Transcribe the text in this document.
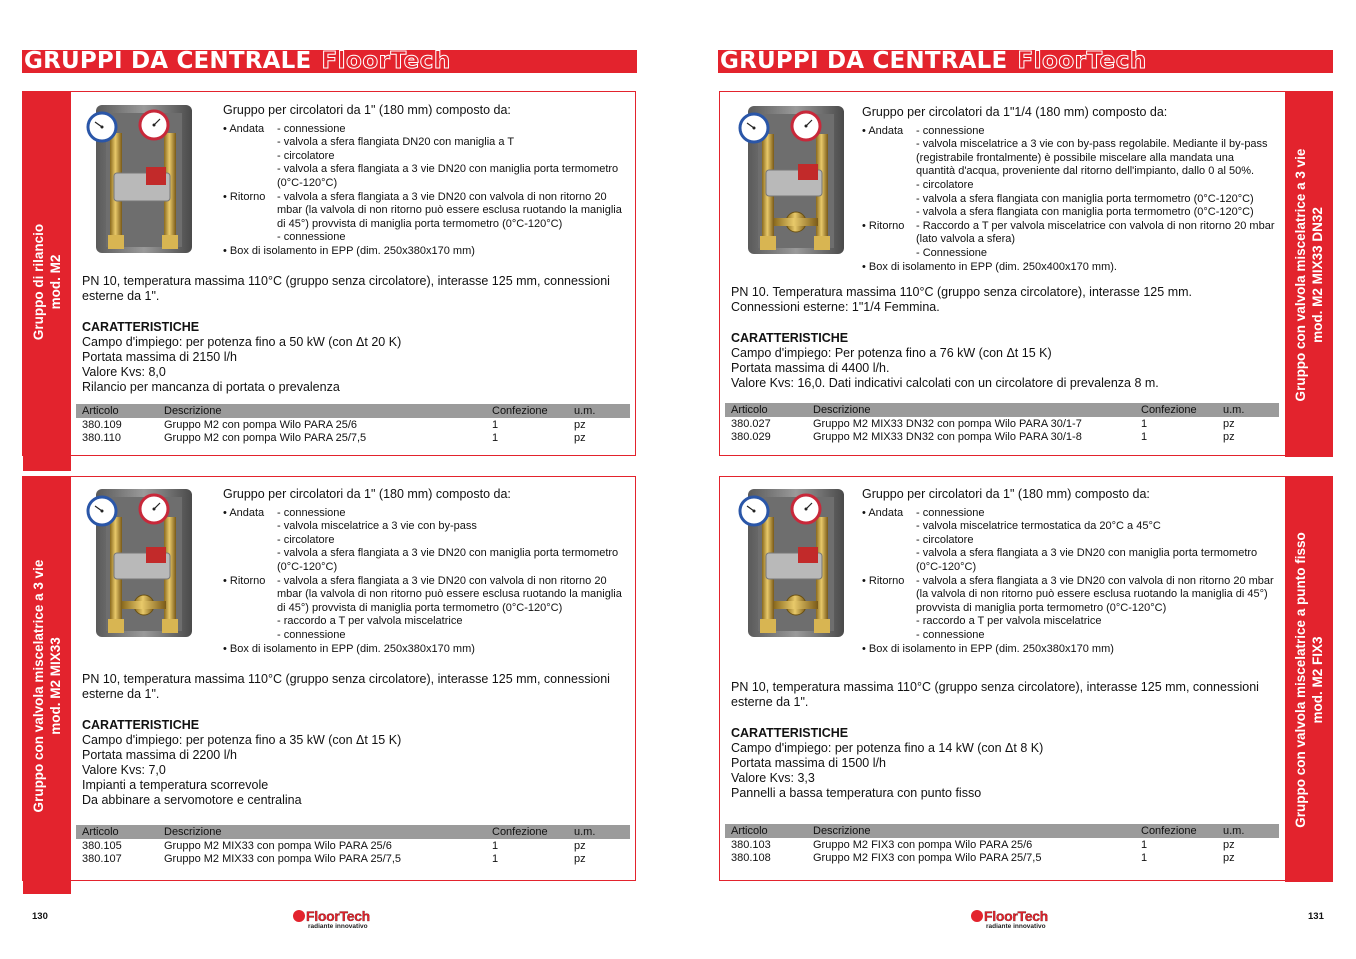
GRUPPI DA CENTRALE FloorTech
Gruppo di rilancio mod. M2
Gruppo per circolatori da 1" (180 mm) composto da:
• Andata	- connessione
- valvola a sfera flangiata DN20 con maniglia a T
- circolatore
- valvola a sfera flangiata a 3 vie DN20 con maniglia porta termometro (0°C-120°C)
• Ritorno	- valvola a sfera flangiata a 3 vie DN20 con valvola di non ritorno 20 mbar (la valvola di non ritorno può essere esclusa ruotando la maniglia di 45°) provvista di maniglia porta termometro (0°C-120°C)
- connessione
• Box di isolamento in EPP (dim. 250x380x170 mm)
PN 10, temperatura massima 110°C (gruppo senza circolatore), interasse 125 mm, connessioni esterne da 1".
CARATTERISTICHE
Campo d'impiego: per potenza fino a 50 kW (con Δt 20 K)
Portata massima di 2150 l/h
Valore Kvs: 8,0
Rilancio per mancanza di portata o prevalenza
Articolo	Descrizione	Confezione u.m.
380.109	Gruppo M2 con pompa Wilo PARA 25/6	1	pz
380.110	Gruppo M2 con pompa Wilo PARA 25/7,5	1	pz
Gruppo con valvola miscelatrice a 3 vie mod. M2 MIX33
Gruppo per circolatori da 1" (180 mm) composto da:
• Andata	- connessione
- valvola miscelatrice a 3 vie con by-pass
- circolatore
- valvola a sfera flangiata a 3 vie DN20 con maniglia porta termometro (0°C-120°C)
• Ritorno	- valvola a sfera flangiata a 3 vie DN20 con valvola di non ritorno 20 mbar (la valvola di non ritorno può essere esclusa ruotando la maniglia di 45°) provvista di maniglia porta termometro (0°C-120°C)
- raccordo a T per valvola miscelatrice
- connessione
• Box di isolamento in EPP (dim. 250x380x170 mm)
PN 10, temperatura massima 110°C (gruppo senza circolatore), interasse 125 mm, connessioni esterne da 1".
CARATTERISTICHE
Campo d'impiego: per potenza fino a 35 kW (con Δt 15 K)
Portata massima di 2200 l/h
Valore Kvs: 7,0
Impianti a temperatura scorrevole
Da abbinare a servomotore e centralina
Articolo	Descrizione	Confezione u.m.
380.105	Gruppo M2 MIX33 con pompa Wilo PARA 25/6	1	pz
380.107	Gruppo M2 MIX33 con pompa Wilo PARA 25/7,5	1	pz
130	FloorTech
radiante innovativo
GRUPPI DA CENTRALE FloorTech
Gruppo con valvola miscelatrice a 3 vie mod. M2 MIX33 DN32
Gruppo per circolatori da 1"1/4 (180 mm) composto da:
• Andata	- connessione
- valvola miscelatrice a 3 vie con by-pass regolabile. Mediante il by-pass (registrabile frontalmente) è possibile miscelare alla mandata una quantità d'acqua, proveniente dal ritorno dell'impianto, dallo 0 al 50%.
- circolatore
- valvola a sfera flangiata con maniglia porta termometro (0°C-120°C)
- valvola a sfera flangiata con maniglia porta termometro (0°C-120°C)
• Ritorno	- Raccordo a T per valvola miscelatrice con valvola di non ritorno 20 mbar (lato valvola a sfera)
- Connessione
• Box di isolamento in EPP (dim. 250x400x170 mm).
PN 10. Temperatura massima 110°C (gruppo senza circolatore), interasse 125 mm. Connessioni esterne: 1"1/4 Femmina.
CARATTERISTICHE
Campo d'impiego: Per potenza fino a 76 kW (con Δt 15 K)
Portata massima di 4400 l/h.
Valore Kvs: 16,0. Dati indicativi calcolati con un circolatore di prevalenza 8 m.
Articolo	Descrizione	Confezione u.m.
380.027	Gruppo M2 MIX33 DN32 con pompa Wilo PARA 30/1-7	1	pz
380.029	Gruppo M2 MIX33 DN32 con pompa Wilo PARA 30/1-8	1	pz
Gruppo con valvola miscelatrice a punto fisso mod. M2 FIX3
Gruppo per circolatori da 1" (180 mm) composto da:
• Andata	- connessione
- valvola miscelatrice termostatica da 20°C a 45°C
- circolatore
- valvola a sfera flangiata a 3 vie DN20 con maniglia porta termometro (0°C-120°C)
• Ritorno	- valvola a sfera flangiata a 3 vie DN20 con valvola di non ritorno 20 mbar (la valvola di non ritorno può essere esclusa ruotando la maniglia di 45°) provvista di maniglia porta termometro (0°C-120°C)
- raccordo a T per valvola miscelatrice
- connessione
• Box di isolamento in EPP (dim. 250x380x170 mm)
PN 10, temperatura massima 110°C (gruppo senza circolatore), interasse 125 mm, connessioni esterne da 1".
CARATTERISTICHE
Campo d'impiego: per potenza fino a 14 kW (con Δt 8 K)
Portata massima di 1500 l/h
Valore Kvs: 3,3
Pannelli a bassa temperatura con punto fisso
Articolo	Descrizione	Confezione u.m.
380.103	Gruppo M2 FIX3 con pompa Wilo PARA 25/6	1	pz
380.108	Gruppo M2 FIX3 con pompa Wilo PARA 25/7,5	1	pz
FloorTech
radiante innovativo
131
